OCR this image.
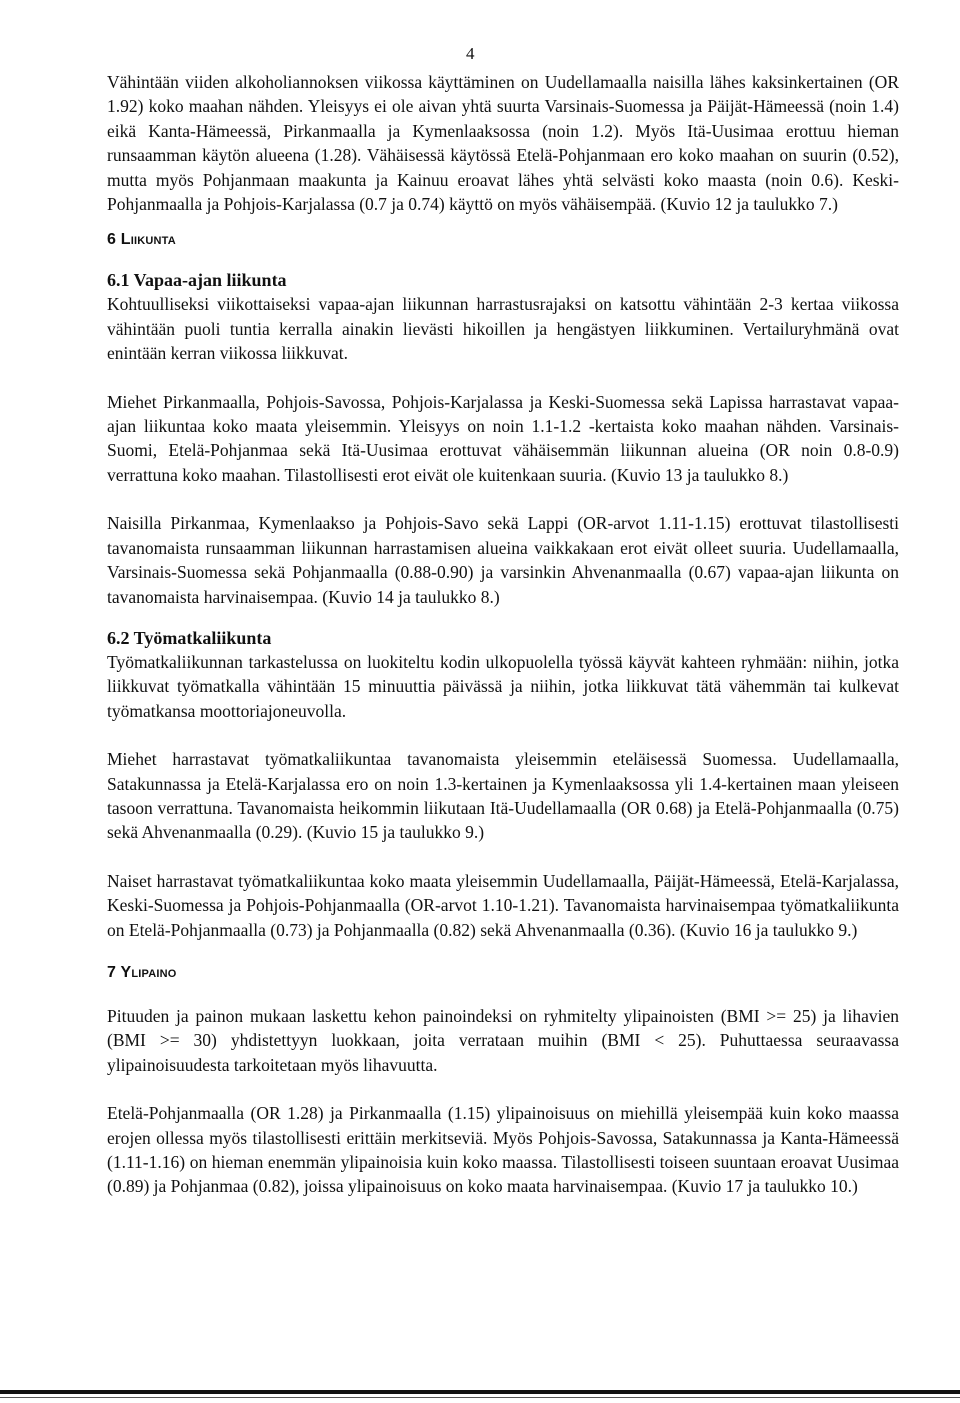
4

Vähintään viiden alkoholiannoksen viikossa käyttäminen on Uudellamaalla naisilla lähes kaksinkertainen (OR 1.92) koko maahan nähden. Yleisyys ei ole aivan yhtä suurta Varsinais-Suomessa ja Päijät-Hämeessä (noin 1.4) eikä Kanta-Hämeessä, Pirkanmaalla ja Kymenlaaksossa (noin 1.2). Myös Itä-Uusimaa erottuu hieman runsaamman käytön alueena (1.28). Vähäisessä käytössä Etelä-Pohjanmaan ero koko maahan on suurin (0.52), mutta myös Pohjanmaan maakunta ja Kainuu eroavat lähes yhtä selvästi koko maasta (noin 0.6). Keski-Pohjanmaalla ja Pohjois-Karjalassa (0.7 ja 0.74) käyttö on myös vähäisempää. (Kuvio 12 ja taulukko 7.)

6 Liikunta
6.1 Vapaa-ajan liikunta

Kohtuulliseksi viikottaiseksi vapaa-ajan liikunnan harrastusrajaksi on katsottu vähintään 2-3 kertaa viikossa vähintään puoli tuntia kerralla ainakin lievästi hikoillen ja hengästyen liikkuminen. Vertailuryhmänä ovat enintään kerran viikossa liikkuvat.

Miehet Pirkanmaalla, Pohjois-Savossa, Pohjois-Karjalassa ja Keski-Suomessa sekä Lapissa harrastavat vapaa-ajan liikuntaa koko maata yleisemmin. Yleisyys on noin 1.1-1.2 -kertaista koko maahan nähden. Varsinais-Suomi, Etelä-Pohjanmaa sekä Itä-Uusimaa erottuvat vähäisemmän liikunnan alueina (OR noin 0.8-0.9) verrattuna koko maahan. Tilastollisesti erot eivät ole kuitenkaan suuria. (Kuvio 13 ja taulukko 8.)

Naisilla Pirkanmaa, Kymenlaakso ja Pohjois-Savo sekä Lappi (OR-arvot 1.11-1.15) erottuvat tilastollisesti tavanomaista runsaamman liikunnan harrastamisen alueina vaikkakaan erot eivät olleet suuria. Uudellamaalla, Varsinais-Suomessa sekä Pohjanmaalla (0.88-0.90) ja varsinkin Ahvenanmaalla (0.67) vapaa-ajan liikunta on tavanomaista harvinaisempaa. (Kuvio 14 ja taulukko 8.)

6.2 Työmatkaliikunta

Työmatkaliikunnan tarkastelussa on luokiteltu kodin ulkopuolella työssä käyvät kahteen ryhmään: niihin, jotka liikkuvat työmatkalla vähintään 15 minuuttia päivässä ja niihin, jotka liikkuvat tätä vähemmän tai kulkevat työmatkansa moottoriajoneuvolla.

Miehet harrastavat työmatkaliikuntaa tavanomaista yleisemmin eteläisessä Suomessa. Uudellamaalla, Satakunnassa ja Etelä-Karjalassa ero on noin 1.3-kertainen ja Kymenlaaksossa yli 1.4-kertainen maan yleiseen tasoon verrattuna. Tavanomaista heikommin liikutaan Itä-Uudellamaalla (OR 0.68) ja Etelä-Pohjanmaalla (0.75) sekä Ahvenanmaalla (0.29). (Kuvio 15 ja taulukko 9.)

Naiset harrastavat työmatkaliikuntaa koko maata yleisemmin Uudellamaalla, Päijät-Hämeessä, Etelä-Karjalassa, Keski-Suomessa ja Pohjois-Pohjanmaalla (OR-arvot 1.10-1.21). Tavanomaista harvinaisempaa työmatkaliikunta on Etelä-Pohjanmaalla (0.73) ja Pohjanmaalla (0.82) sekä Ahvenanmaalla (0.36). (Kuvio 16 ja taulukko 9.)

7 Ylipaino

Pituuden ja painon mukaan laskettu kehon painoindeksi on ryhmitelty ylipainoisten (BMI >= 25) ja lihavien (BMI >= 30) yhdistettyyn luokkaan, joita verrataan muihin (BMI < 25). Puhuttaessa seuraavassa ylipainoisuudesta tarkoitetaan myös lihavuutta.

Etelä-Pohjanmaalla (OR 1.28) ja Pirkanmaalla (1.15) ylipainoisuus on miehillä yleisempää kuin koko maassa erojen ollessa myös tilastollisesti erittäin merkitseviä. Myös Pohjois-Savossa, Satakunnassa ja Kanta-Hämeessä (1.11-1.16) on hieman enemmän ylipainoisia kuin koko maassa. Tilastollisesti toiseen suuntaan eroavat Uusimaa (0.89) ja Pohjanmaa (0.82), joissa ylipainoisuus on koko maata harvinaisempaa. (Kuvio 17 ja taulukko 10.)
